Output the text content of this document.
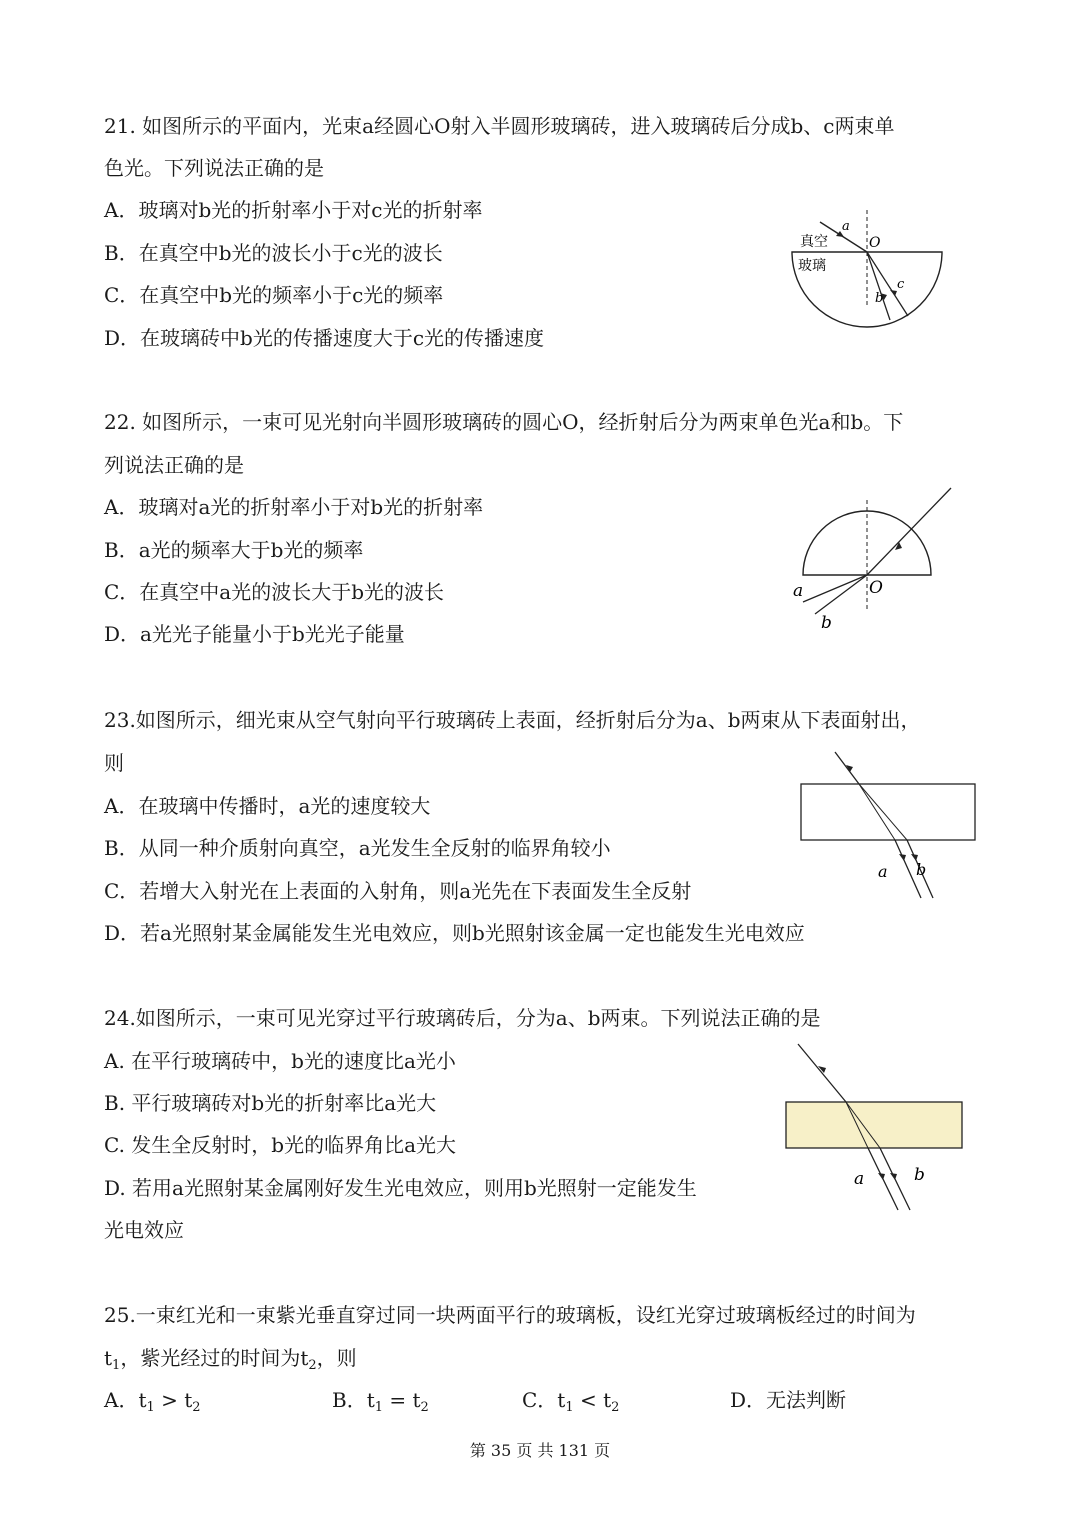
21. 如图所示的平面内，光束a经圆心O射入半圆形玻璃砖，进入玻璃砖后分成b、c两束单
色光。下列说法正确的是
A．玻璃对b光的折射率小于对c光的折射率
B．在真空中b光的波长小于c光的波长
C．在真空中b光的频率小于c光的频率
D．在玻璃砖中b光的传播速度大于c光的传播速度
真空
玻璃
a
O
b
c
22. 如图所示，一束可见光射向半圆形玻璃砖的圆心O，经折射后分为两束单色光a和b。下
列说法正确的是
A．玻璃对a光的折射率小于对b光的折射率
B．a光的频率大于b光的频率
C．在真空中a光的波长大于b光的波长
D．a光光子能量小于b光光子能量
a
b
O
23.如图所示，细光束从空气射向平行玻璃砖上表面，经折射后分为a、b两束从下表面射出，
则
A．在玻璃中传播时，a光的速度较大
B．从同一种介质射向真空，a光发生全反射的临界角较小
C．若增大入射光在上表面的入射角，则a光先在下表面发生全反射
D．若a光照射某金属能发生光电效应，则b光照射该金属一定也能发生光电效应
a b
24.如图所示，一束可见光穿过平行玻璃砖后，分为a、b两束。下列说法正确的是
A. 在平行玻璃砖中，b光的速度比a光小
B. 平行玻璃砖对b光的折射率比a光大
C. 发生全反射时，b光的临界角比a光大
D. 若用a光照射某金属刚好发生光电效应，则用b光照射一定能发生
光电效应
a	b
25.一束红光和一束紫光垂直穿过同一块两面平行的玻璃板，设红光穿过玻璃板经过的时间为
$t_1$，紫光经过的时间为$t_2$，则
A．$t_1 > t_2$	B．$t_1 = t_2$	C．$t_1 < t_2$	D．无法判断
第 35 页 共 131 页
